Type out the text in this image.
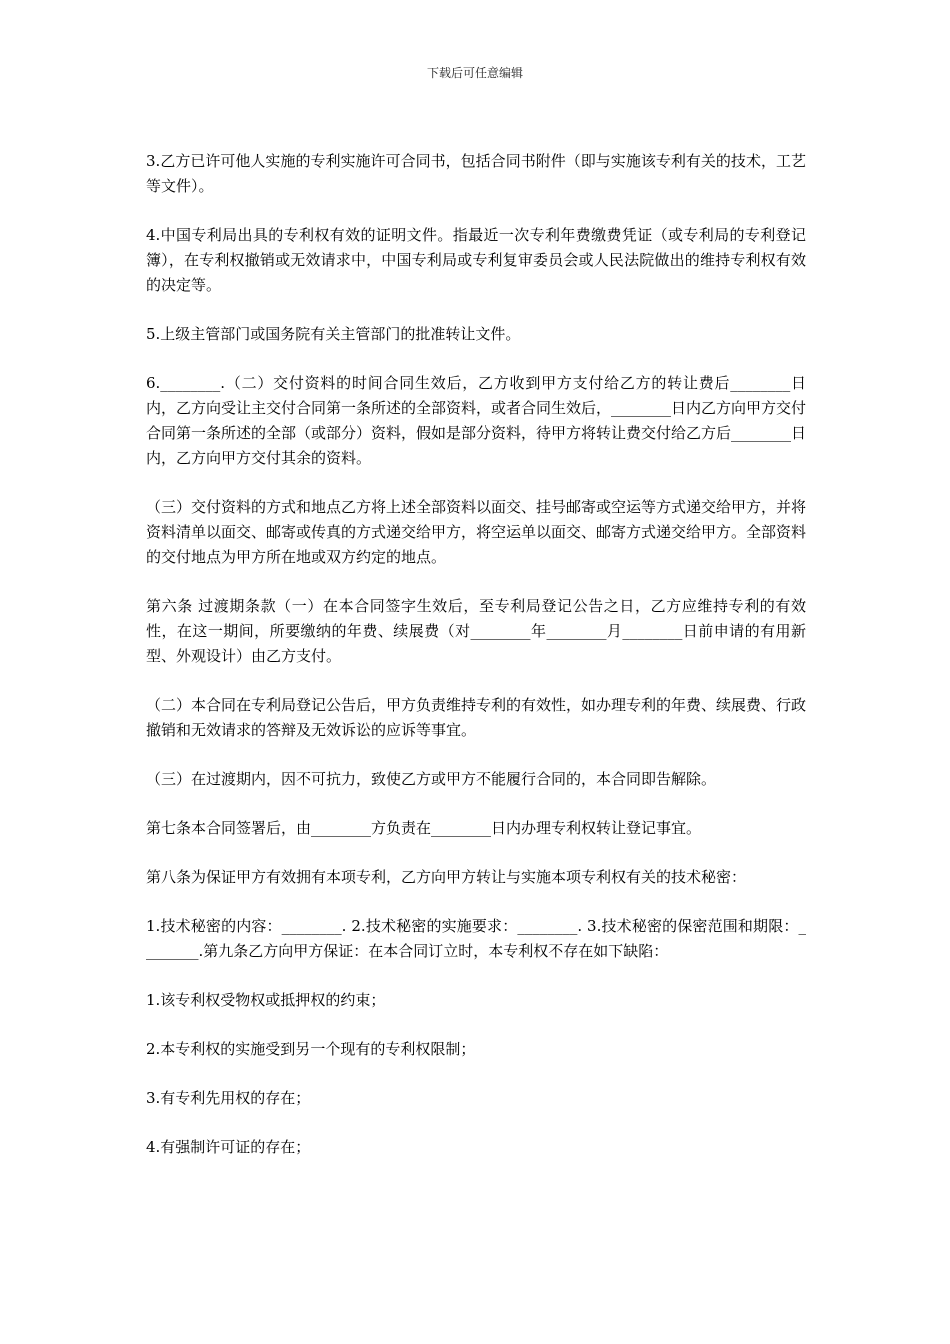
下载后可任意编辑

3.乙方已许可他人实施的专利实施许可合同书，包括合同书附件（即与实施该专利有关的技术，工艺等文件）。

4.中国专利局出具的专利权有效的证明文件。指最近一次专利年费缴费凭证（或专利局的专利登记簿），在专利权撤销或无效请求中，中国专利局或专利复审委员会或人民法院做出的维持专利权有效的决定等。

5.上级主管部门或国务院有关主管部门的批准转让文件。

6.________.（二）交付资料的时间合同生效后，乙方收到甲方支付给乙方的转让费后________日内，乙方向受让主交付合同第一条所述的全部资料，或者合同生效后，________日内乙方向甲方交付合同第一条所述的全部（或部分）资料，假如是部分资料，待甲方将转让费交付给乙方后________日内，乙方向甲方交付其余的资料。

（三）交付资料的方式和地点乙方将上述全部资料以面交、挂号邮寄或空运等方式递交给甲方，并将资料清单以面交、邮寄或传真的方式递交给甲方，将空运单以面交、邮寄方式递交给甲方。全部资料的交付地点为甲方所在地或双方约定的地点。

第六条 过渡期条款（一）在本合同签字生效后，至专利局登记公告之日，乙方应维持专利的有效性，在这一期间，所要缴纳的年费、续展费（对________年________月________日前申请的有用新型、外观设计）由乙方支付。

（二）本合同在专利局登记公告后，甲方负责维持专利的有效性，如办理专利的年费、续展费、行政撤销和无效请求的答辩及无效诉讼的应诉等事宜。

（三）在过渡期内，因不可抗力，致使乙方或甲方不能履行合同的，本合同即告解除。

第七条本合同签署后，由________方负责在________日内办理专利权转让登记事宜。

第八条为保证甲方有效拥有本项专利，乙方向甲方转让与实施本项专利权有关的技术秘密：

1.技术秘密的内容：________. 2.技术秘密的实施要求：________. 3.技术秘密的保密范围和期限：________.第九条乙方向甲方保证：在本合同订立时，本专利权不存在如下缺陷：

1.该专利权受物权或抵押权的约束；

2.本专利权的实施受到另一个现有的专利权限制；

3.有专利先用权的存在；

4.有强制许可证的存在；
